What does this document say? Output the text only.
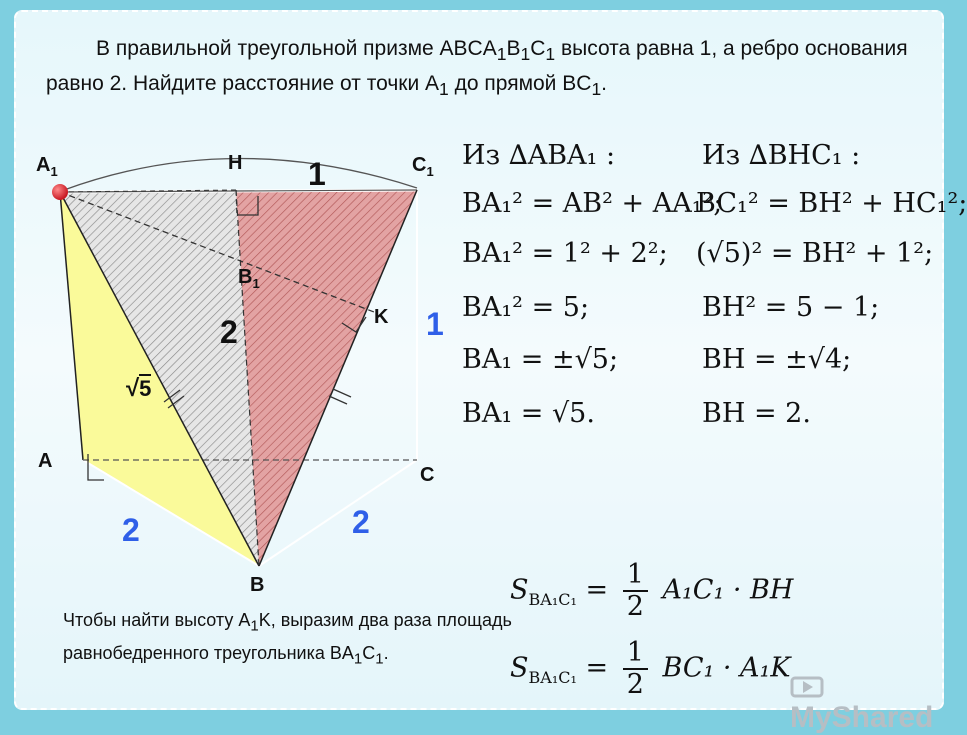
В правильной треугольной призме $ABCA_1B_1C_1$ высота равна 1, а ребро основания равно 2. Найдите расстояние от точки $A_1$ до прямой $BC_1$.
$A_1$	H	$C_1$
$B_1$
K
A
C
B
√5
1
1
2
2	2
Из ∆ABA₁ :
BA₁² = AB² + AA₁²;
BA₁² = 1² + 2²;
BA₁² = 5;
BA₁ = ±√5;
BA₁ = √5.
Из ∆BHC₁ :
BC₁² = BH² + HC₁²;
(√5)² = BH² + 1²;
BH² = 5 − 1;
BH = ±√4;
BH = 2.
Чтобы найти высоту $A_1K$, выразим два раза площадь равнобедренного треугольника $BA_1C_1$.
$S_{BA_1C_1} = \frac{1}{2} A_1C_1$ · BH
$S_{BA_1C_1} = \frac{1}{2} BC_1 \cdot A_1K$
MyShared
